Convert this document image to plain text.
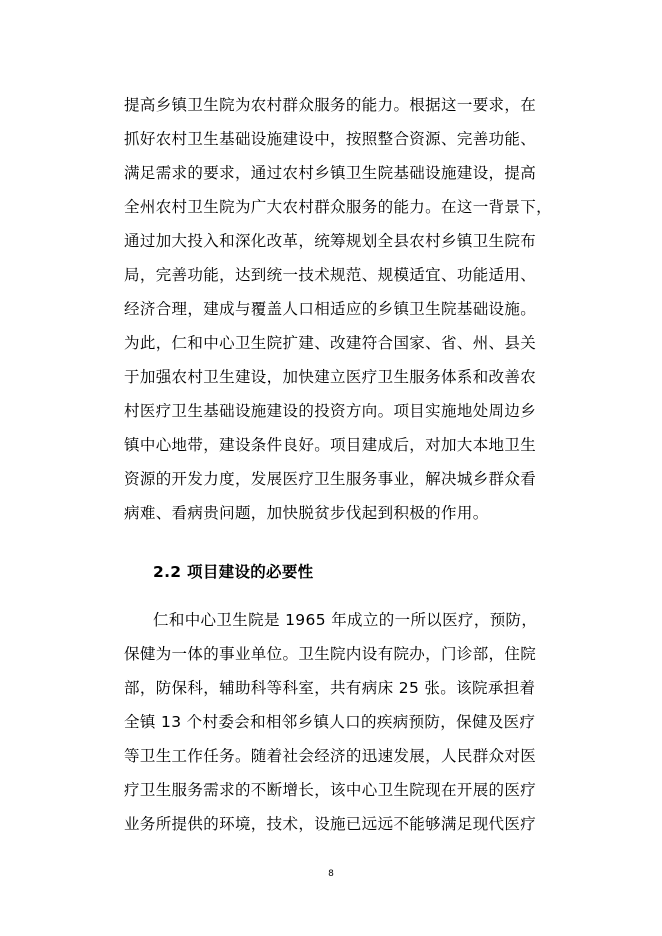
提高乡镇卫生院为农村群众服务的能力。根据这一要求，在
抓好农村卫生基础设施建设中，按照整合资源、完善功能、
满足需求的要求，通过农村乡镇卫生院基础设施建设，提高
全州农村卫生院为广大农村群众服务的能力。在这一背景下，
通过加大投入和深化改革，统筹规划全县农村乡镇卫生院布
局，完善功能，达到统一技术规范、规模适宜、功能适用、
经济合理，建成与覆盖人口相适应的乡镇卫生院基础设施。
为此，仁和中心卫生院扩建、改建符合国家、省、州、县关
于加强农村卫生建设，加快建立医疗卫生服务体系和改善农
村医疗卫生基础设施建设的投资方向。项目实施地处周边乡
镇中心地带，建设条件良好。项目建成后，对加大本地卫生
资源的开发力度，发展医疗卫生服务事业，解决城乡群众看
病难、看病贵问题，加快脱贫步伐起到积极的作用。
2.2 项目建设的必要性
仁和中心卫生院是 1965 年成立的一所以医疗，预防，
保健为一体的事业单位。卫生院内设有院办，门诊部，住院
部，防保科，辅助科等科室，共有病床 25 张。该院承担着
全镇 13 个村委会和相邻乡镇人口的疾病预防，保健及医疗
等卫生工作任务。随着社会经济的迅速发展，人民群众对医
疗卫生服务需求的不断增长，该中心卫生院现在开展的医疗
业务所提供的环境，技术，设施已远远不能够满足现代医疗
8
